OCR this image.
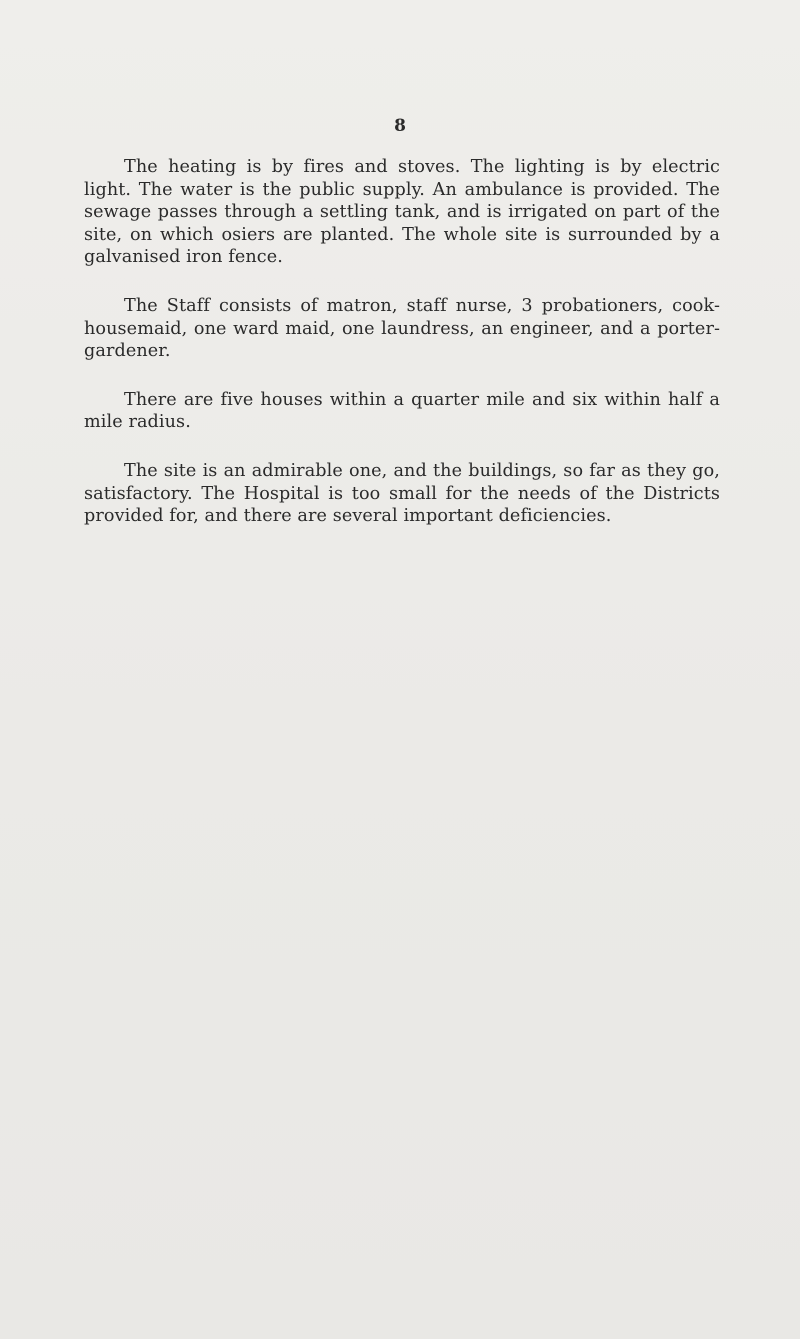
8

The heating is by fires and stoves. The lighting is by electric light. The water is the public supply. An ambulance is provided. The sewage passes through a settling tank, and is irrigated on part of the site, on which osiers are planted. The whole site is surrounded by a galvanised iron fence.

The Staff consists of matron, staff nurse, 3 probationers, cook-housemaid, one ward maid, one laundress, an engineer, and a porter-gardener.

There are five houses within a quarter mile and six within half a mile radius.

The site is an admirable one, and the buildings, so far as they go, satisfactory. The Hospital is too small for the needs of the Districts provided for, and there are several important deficiencies.
